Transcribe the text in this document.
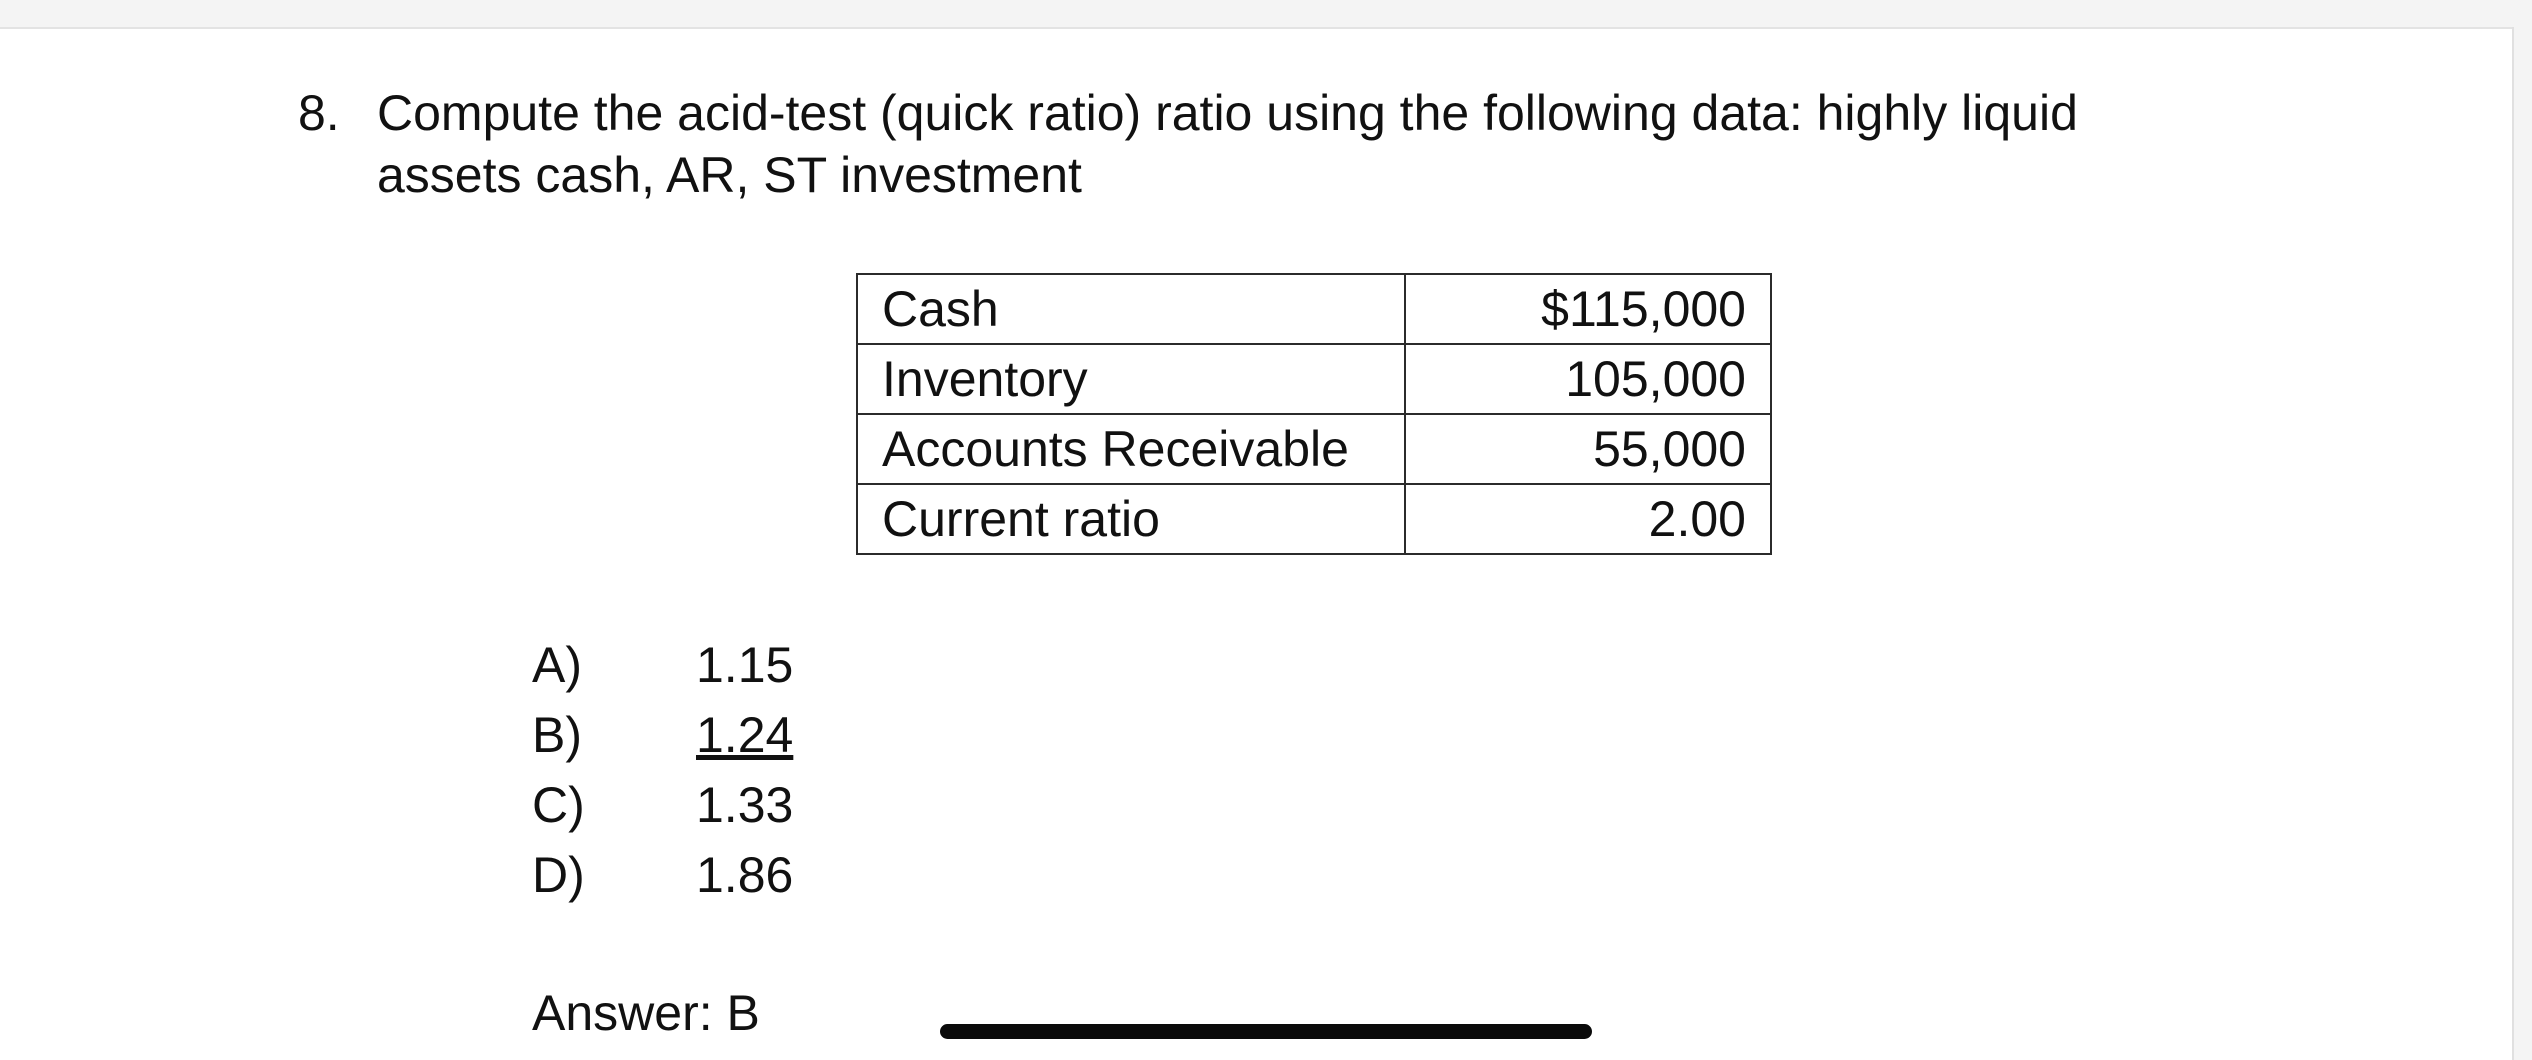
8. Compute the acid-test (quick ratio) ratio using the following data: highly liquid assets cash, AR, ST investment
Cash	$115,000
Inventory	105,000
Accounts Receivable	55,000
Current ratio	2.00
A) 1.15
B) 1.24
C) 1.33
D) 1.86
Answer: B
